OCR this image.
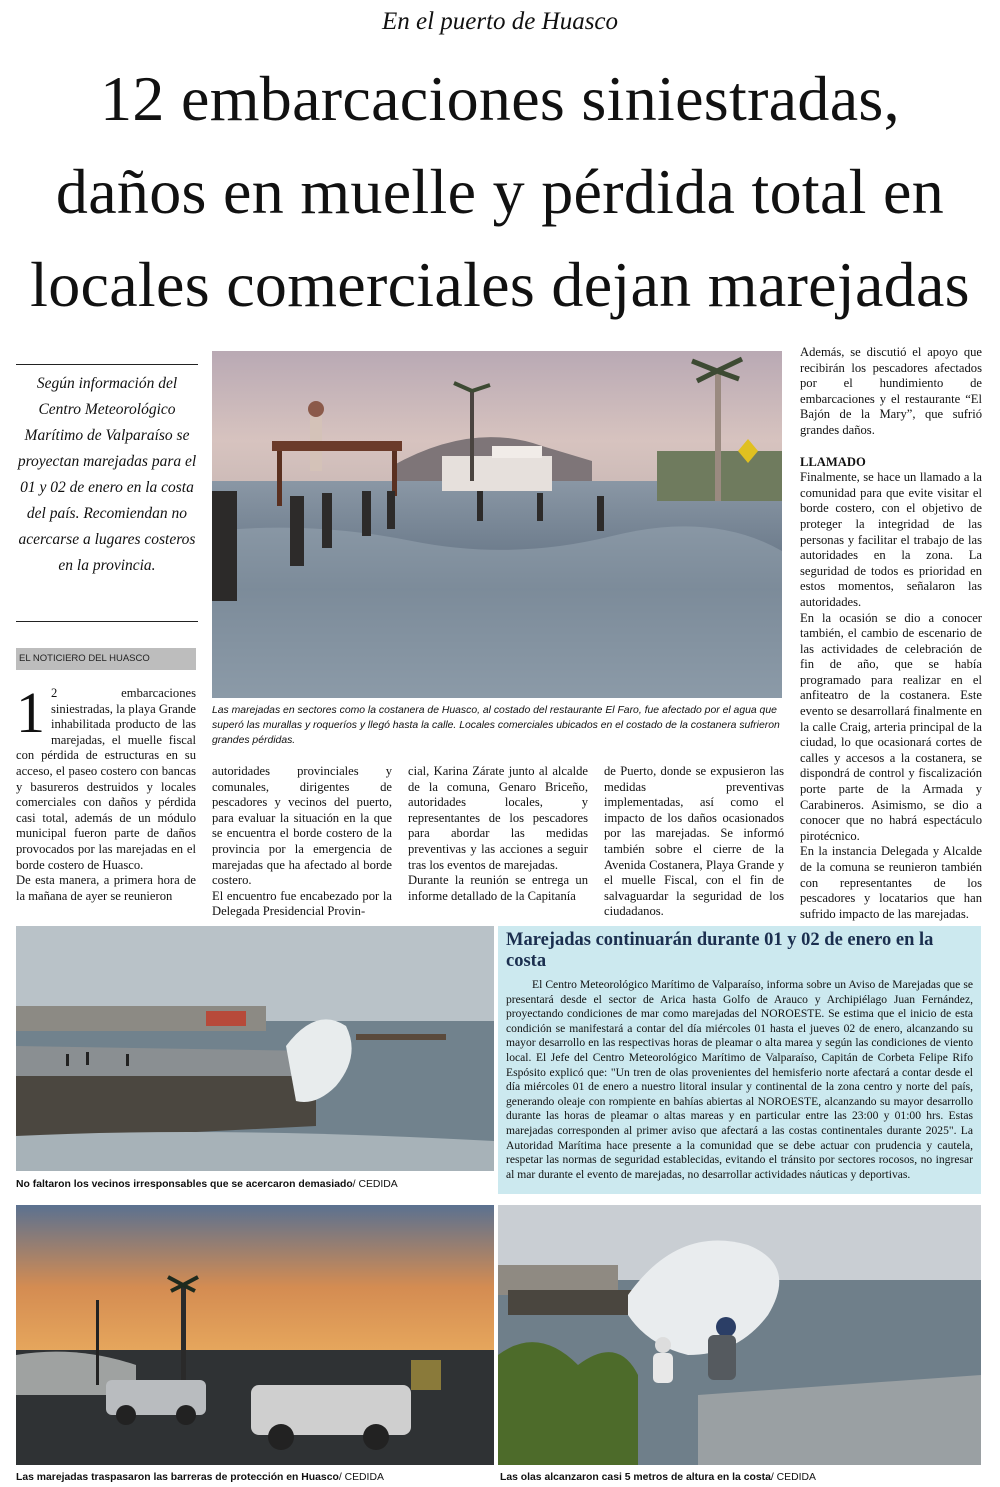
En el puerto de Huasco
12 embarcaciones siniestradas,
daños en muelle y pérdida total en
locales comerciales dejan marejadas

Según información del Centro Meteorológico Marítimo de Valparaíso se proyectan marejadas para el 01 y 02 de enero en la costa del país. Recomiendan no acercarse a lugares costeros en la provincia.

EL NOTICIERO DEL HUASCO
Las marejadas en sectores como la costanera de Huasco, al costado del restaurante El Faro, fue afectado por el agua que superó las murallas y roqueríos y llegó hasta la calle. Locales comerciales ubicados en el costado de la costanera sufrieron grandes pérdidas.

1 2 embarcaciones siniestradas, la playa Grande inhabilitada producto de las marejadas, el muelle fiscal con pérdida de estructuras en su acceso, el paseo costero con bancas y basureros destruidos y locales comerciales con daños y pérdida casi total, además de un módulo municipal fueron parte de daños provocados por las marejadas en el borde costero de Huasco.

De esta manera, a primera hora de la mañana de ayer se reunieron

autoridades provinciales y comunales, dirigentes de pescadores y vecinos del puerto, para evaluar la situación en la que se encuentra el borde costero de la provincia por la emergencia de marejadas que ha afectado al borde costero.

El encuentro fue encabezado por la Delegada Presidencial Provin-

cial, Karina Zárate junto al alcalde de la comuna, Genaro Briceño, autoridades locales, y representantes de los pescadores para abordar las medidas preventivas y las acciones a seguir tras los eventos de marejadas.

Durante la reunión se entrega un informe detallado de la Capitanía

de Puerto, donde se expusieron las medidas preventivas implementadas, así como el impacto de los daños ocasionados por las marejadas. Se informó también sobre el cierre de la Avenida Costanera, Playa Grande y el muelle Fiscal, con el fin de salvaguardar la seguridad de los ciudadanos.

Además, se discutió el apoyo que recibirán los pescadores afectados por el hundimiento de embarcaciones y el restaurante “El Bajón de la Mary”, que sufrió grandes daños.

LLAMADO

Finalmente, se hace un llamado a la comunidad para que evite visitar el borde costero, con el objetivo de proteger la integridad de las personas y facilitar el trabajo de las autoridades en la zona. La seguridad de todos es prioridad en estos momentos, señalaron las autoridades.

En la ocasión se dio a conocer también, el cambio de escenario de las actividades de celebración de fin de año, que se había programado para realizar en el anfiteatro de la costanera. Este evento se desarrollará finalmente en la calle Craig, arteria principal de la ciudad, lo que ocasionará cortes de calles y accesos a la costanera, se dispondrá de control y fiscalización porte parte de la Armada y Carabineros. Asimismo, se dio a conocer que no habrá espectáculo pirotécnico.

En la instancia Delegada y Alcalde de la comuna se reunieron también con representantes de los pescadores y locatarios que han sufrido impacto de las marejadas.

No faltaron los vecinos irresponsables que se acercaron demasiado/ CEDIDA
Marejadas continuarán durante 01 y 02 de enero en la costa

El Centro Meteorológico Marítimo de Valparaíso, informa sobre un Aviso de Marejadas que se presentará desde el sector de Arica hasta Golfo de Arauco y Archipiélago Juan Fernández, proyectando condiciones de mar como marejadas del NOROESTE. Se estima que el inicio de esta condición se manifestará a contar del día miércoles 01 hasta el jueves 02 de enero, alcanzando su mayor desarrollo en las respectivas horas de pleamar o alta marea y según las condiciones de viento local. El Jefe del Centro Meteorológico Marítimo de Valparaíso, Capitán de Corbeta Felipe Rifo Espósito explicó que: "Un tren de olas provenientes del hemisferio norte afectará a contar desde el día miércoles 01 de enero a nuestro litoral insular y continental de la zona centro y norte del país, generando oleaje con rompiente en bahías abiertas al NOROESTE, alcanzando su mayor desarrollo durante las horas de pleamar o altas mareas y en particular entre las 23:00 y 01:00 hrs. Estas marejadas corresponden al primer aviso que afectará a las costas continentales durante 2025". La Autoridad Marítima hace presente a la comunidad que se debe actuar con prudencia y cautela, respetar las normas de seguridad establecidas, evitando el tránsito por sectores rocosos, no ingresar al mar durante el evento de marejadas, no desarrollar actividades náuticas y deportivas.

Las marejadas traspasaron las barreras de protección en Huasco/ CEDIDA	Las olas alcanzaron casi 5 metros de altura en la costa/ CEDIDA
